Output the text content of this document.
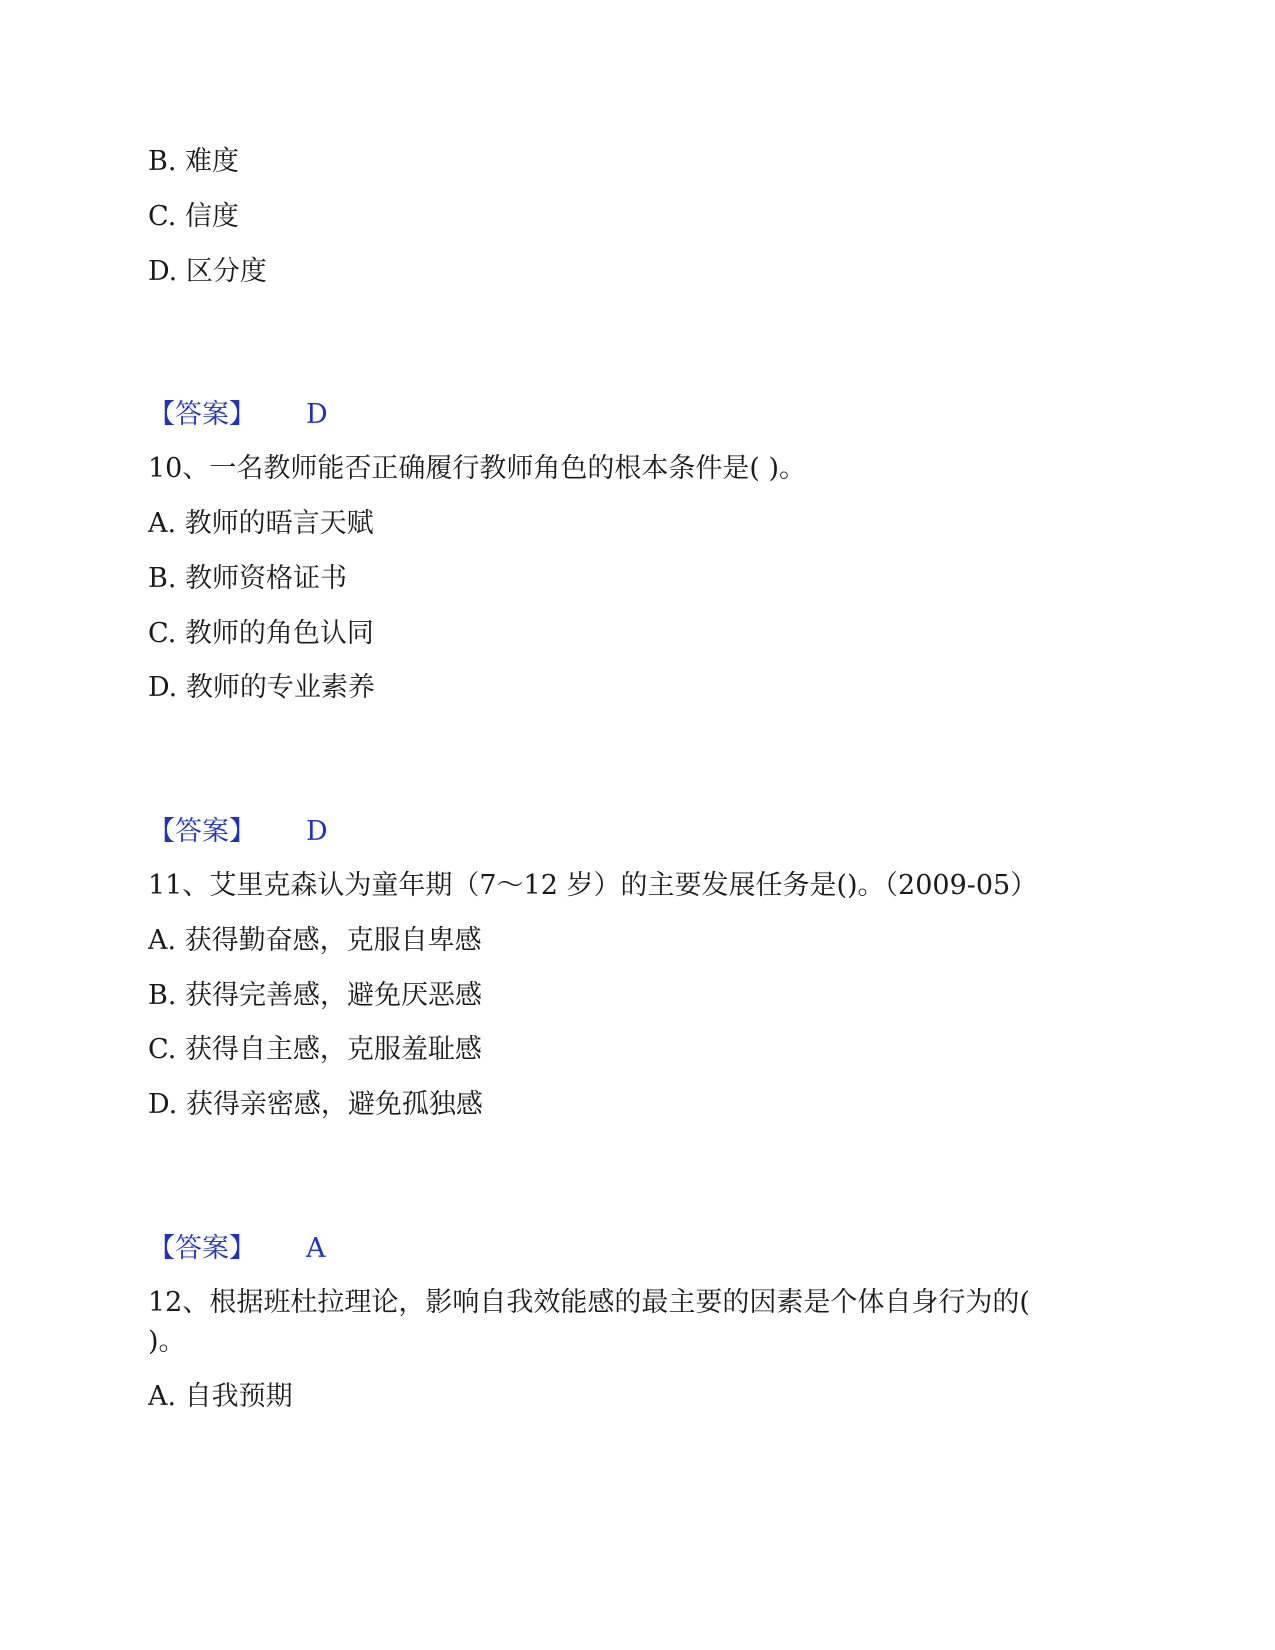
B. 难度
C. 信度
D. 区分度
【答案】 D
10、一名教师能否正确履行教师角色的根本条件是( )。
A. 教师的晤言天赋
B. 教师资格证书
C. 教师的角色认同
D. 教师的专业素养
【答案】 D
11、艾里克森认为童年期（7～12 岁）的主要发展任务是()。（2009-05）
A. 获得勤奋感，克服自卑感
B. 获得完善感，避免厌恶感
C. 获得自主感，克服羞耻感
D. 获得亲密感，避免孤独感
【答案】 A
12、根据班杜拉理论，影响自我效能感的最主要的因素是个体自身行为的(
)。
A. 自我预期
